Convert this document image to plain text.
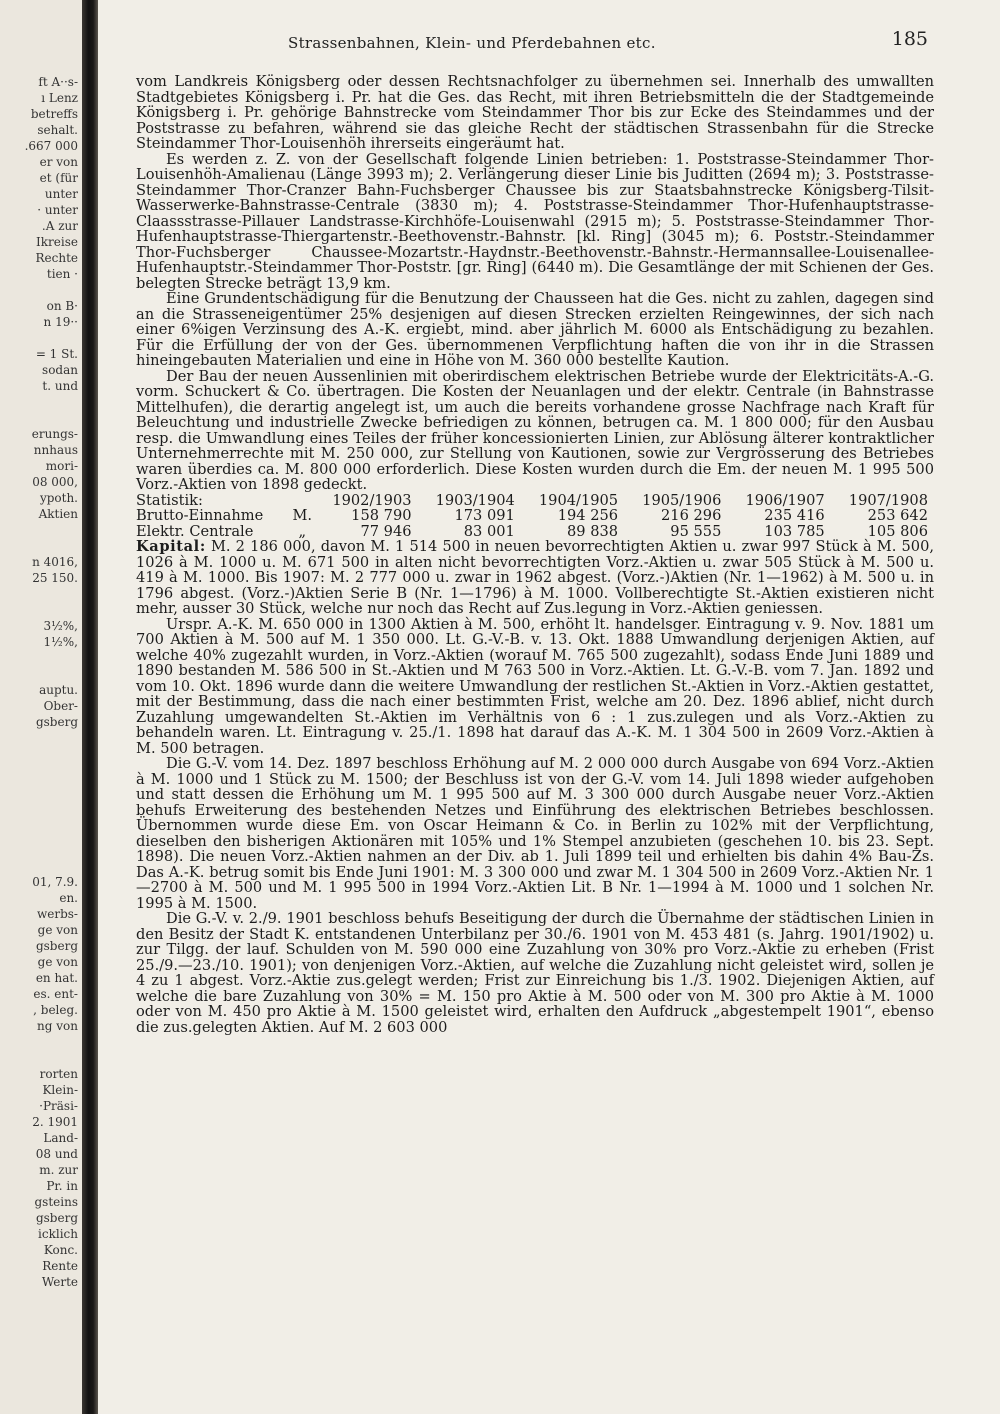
ft A··s-
ı Lenz
betreffs
sehalt.
.667 000
er von
et (für
unter
· unter
.A zur
Ikreise
Rechte
tien ·
on B·
n 19··
= 1 St.
sodan
t. und
erungs-
nnhaus
mori-
08 000,
ypoth.
Aktien
n 4016,
25 150.
3½%,
1½%,
auptu.
Ober-
gsberg
01, 7.9.
en.
werbs-
ge von
gsberg
ge von
en hat.
es. ent-
, beleg.
ng von
rorten
Klein-
·Präsi-
2. 1901
Land-
08 und
m. zur
Pr. in
gsteins
gsberg
icklich
Konc.
Rente
Werte
Strassenbahnen, Klein- und Pferdebahnen etc.	185

vom Landkreis Königsberg oder dessen Rechtsnachfolger zu übernehmen sei. Innerhalb des umwallten Stadtgebietes Königsberg i. Pr. hat die Ges. das Recht, mit ihren Betriebsmitteln die der Stadtgemeinde Königsberg i. Pr. gehörige Bahnstrecke vom Steindammer Thor bis zur Ecke des Steindammes und der Poststrasse zu befahren, während sie das gleiche Recht der städtischen Strassenbahn für die Strecke Steindammer Thor-Louisenhöh ihrerseits eingeräumt hat.

Es werden z. Z. von der Gesellschaft folgende Linien betrieben: 1. Poststrasse-Steindammer Thor-Louisenhöh-Amalienau (Länge 3993 m); 2. Verlängerung dieser Linie bis Juditten (2694 m); 3. Poststrasse-Steindammer Thor-Cranzer Bahn-Fuchsberger Chaussee bis zur Staatsbahnstrecke Königsberg-Tilsit-Wasserwerke-Bahnstrasse-Centrale (3830 m); 4. Poststrasse-Steindammer Thor-Hufenhauptstrasse-Claassstrasse-Pillauer Landstrasse-Kirchhöfe-Louisenwahl (2915 m); 5. Poststrasse-Steindammer Thor-Hufenhauptstrasse-Thiergartenstr.-Beethovenstr.-Bahnstr. [kl. Ring] (3045 m); 6. Poststr.-Steindammer Thor-Fuchsberger Chaussee-Mozartstr.-Haydnstr.-Beethovenstr.-Bahnstr.-Hermannsallee-Louisenallee-Hufenhauptstr.-Steindammer Thor-Poststr. [gr. Ring] (6440 m). Die Gesamtlänge der mit Schienen der Ges. belegten Strecke beträgt 13,9 km.

Eine Grundentschädigung für die Benutzung der Chausseen hat die Ges. nicht zu zahlen, dagegen sind an die Strasseneigentümer 25% desjenigen auf diesen Strecken erzielten Reingewinnes, der sich nach einer 6%igen Verzinsung des A.-K. ergiebt, mind. aber jährlich M. 6000 als Entschädigung zu bezahlen. Für die Erfüllung der von der Ges. übernommenen Verpflichtung haften die von ihr in die Strassen hineingebauten Materialien und eine in Höhe von M. 360 000 bestellte Kaution.

Der Bau der neuen Aussenlinien mit oberirdischem elektrischen Betriebe wurde der Elektricitäts-A.-G. vorm. Schuckert & Co. übertragen. Die Kosten der Neuanlagen und der elektr. Centrale (in Bahnstrasse Mittelhufen), die derartig angelegt ist, um auch die bereits vorhandene grosse Nachfrage nach Kraft für Beleuchtung und industrielle Zwecke befriedigen zu können, betrugen ca. M. 1 800 000; für den Ausbau resp. die Umwandlung eines Teiles der früher koncessionierten Linien, zur Ablösung älterer kontraktlicher Unternehmerrechte mit M. 250 000, zur Stellung von Kautionen, sowie zur Vergrösserung des Betriebes waren überdies ca. M. 800 000 erforderlich. Diese Kosten wurden durch die Em. der neuen M. 1 995 500 Vorz.-Aktien von 1898 gedeckt.

Statistik:		1902/1903	1903/1904	1904/1905	1905/1906	1906/1907	1907/1908
Brutto-Einnahme	M.	158 790	173 091	194 256	216 296	235 416	253 642
Elektr. Centrale	„	77 946	83 001	89 838	95 555	103 785	105 806

Kapital: M. 2 186 000, davon M. 1 514 500 in neuen bevorrechtigten Aktien u. zwar 997 Stück à M. 500, 1026 à M. 1000 u. M. 671 500 in alten nicht bevorrechtigten Vorz.-Aktien u. zwar 505 Stück à M. 500 u. 419 à M. 1000. Bis 1907: M. 2 777 000 u. zwar in 1962 abgest. (Vorz.-)Aktien (Nr. 1—1962) à M. 500 u. in 1796 abgest. (Vorz.-)Aktien Serie B (Nr. 1—1796) à M. 1000. Vollberechtigte St.-Aktien existieren nicht mehr, ausser 30 Stück, welche nur noch das Recht auf Zus.legung in Vorz.-Aktien geniessen.

Urspr. A.-K. M. 650 000 in 1300 Aktien à M. 500, erhöht lt. handelsger. Eintragung v. 9. Nov. 1881 um 700 Aktien à M. 500 auf M. 1 350 000. Lt. G.-V.-B. v. 13. Okt. 1888 Umwandlung derjenigen Aktien, auf welche 40% zugezahlt wurden, in Vorz.-Aktien (worauf M. 765 500 zugezahlt), sodass Ende Juni 1889 und 1890 bestanden M. 586 500 in St.-Aktien und M 763 500 in Vorz.-Aktien. Lt. G.-V.-B. vom 7. Jan. 1892 und vom 10. Okt. 1896 wurde dann die weitere Umwandlung der restlichen St.-Aktien in Vorz.-Aktien gestattet, mit der Bestimmung, dass die nach einer bestimmten Frist, welche am 20. Dez. 1896 ablief, nicht durch Zuzahlung umgewandelten St.-Aktien im Verhältnis von 6 : 1 zus.zulegen und als Vorz.-Aktien zu behandeln waren. Lt. Eintragung v. 25./1. 1898 hat darauf das A.-K. M. 1 304 500 in 2609 Vorz.-Aktien à M. 500 betragen.

Die G.-V. vom 14. Dez. 1897 beschloss Erhöhung auf M. 2 000 000 durch Ausgabe von 694 Vorz.-Aktien à M. 1000 und 1 Stück zu M. 1500; der Beschluss ist von der G.-V. vom 14. Juli 1898 wieder aufgehoben und statt dessen die Erhöhung um M. 1 995 500 auf M. 3 300 000 durch Ausgabe neuer Vorz.-Aktien behufs Erweiterung des bestehenden Netzes und Einführung des elektrischen Betriebes beschlossen. Übernommen wurde diese Em. von Oscar Heimann & Co. in Berlin zu 102% mit der Verpflichtung, dieselben den bisherigen Aktionären mit 105% und 1% Stempel anzubieten (geschehen 10. bis 23. Sept. 1898). Die neuen Vorz.-Aktien nahmen an der Div. ab 1. Juli 1899 teil und erhielten bis dahin 4% Bau-Zs. Das A.-K. betrug somit bis Ende Juni 1901: M. 3 300 000 und zwar M. 1 304 500 in 2609 Vorz.-Aktien Nr. 1—2700 à M. 500 und M. 1 995 500 in 1994 Vorz.-Aktien Lit. B Nr. 1—1994 à M. 1000 und 1 solchen Nr. 1995 à M. 1500.

Die G.-V. v. 2./9. 1901 beschloss behufs Beseitigung der durch die Übernahme der städtischen Linien in den Besitz der Stadt K. entstandenen Unterbilanz per 30./6. 1901 von M. 453 481 (s. Jahrg. 1901/1902) u. zur Tilgg. der lauf. Schulden von M. 590 000 eine Zuzahlung von 30% pro Vorz.-Aktie zu erheben (Frist 25./9.—23./10. 1901); von denjenigen Vorz.-Aktien, auf welche die Zuzahlung nicht geleistet wird, sollen je 4 zu 1 abgest. Vorz.-Aktie zus.gelegt werden; Frist zur Einreichung bis 1./3. 1902. Diejenigen Aktien, auf welche die bare Zuzahlung von 30% = M. 150 pro Aktie à M. 500 oder von M. 300 pro Aktie à M. 1000 oder von M. 450 pro Aktie à M. 1500 geleistet wird, erhalten den Aufdruck „abgestempelt 1901“, ebenso die zus.gelegten Aktien. Auf M. 2 603 000
